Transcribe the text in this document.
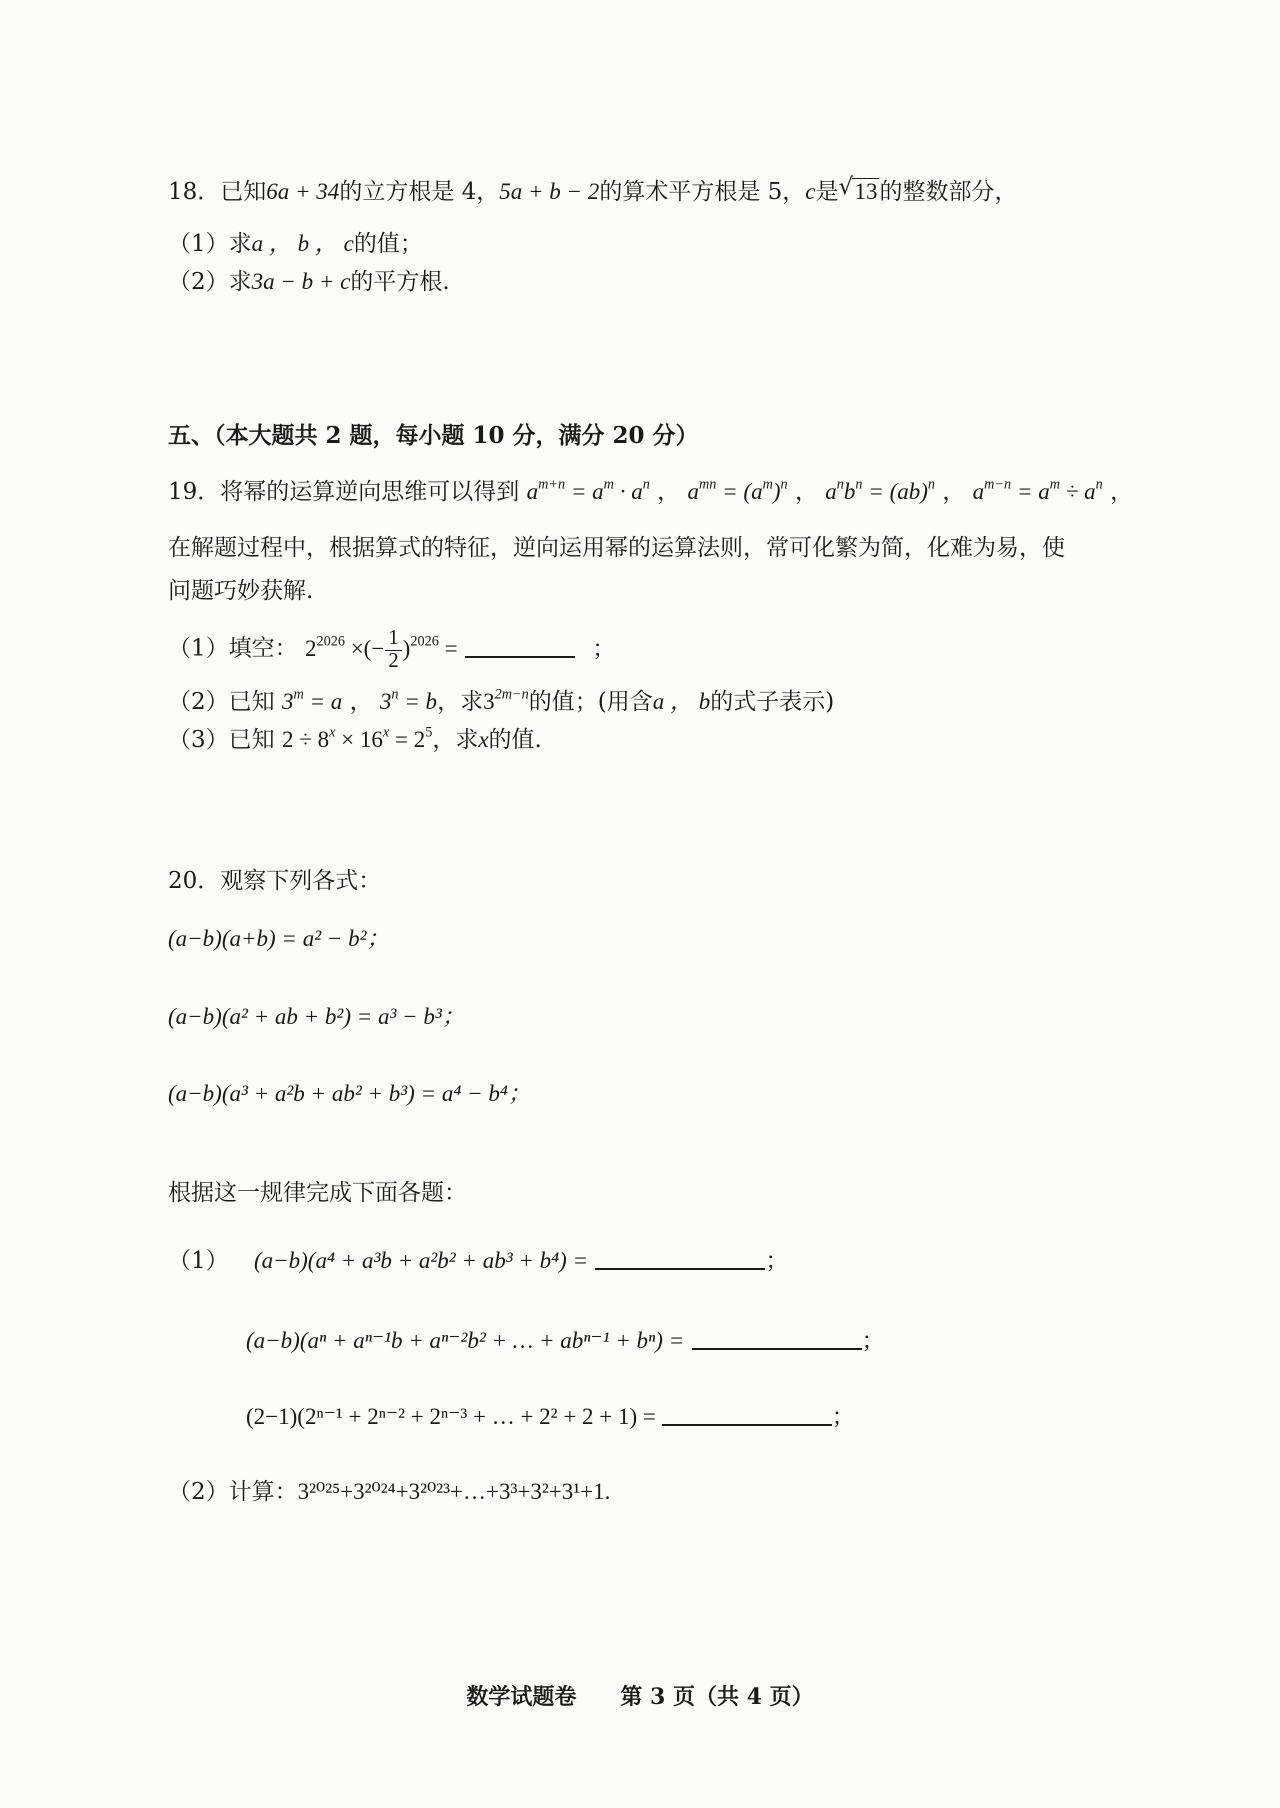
18．已知6a + 34的立方根是 4，5a + b − 2的算术平方根是 5，c是 √ 13的整数部分，
（1）求a ， b ， c的值；
（2）求3a − b + c的平方根.
五、（本大题共 2 题，每小题 10 分，满分 20 分）
19．将幂的运算逆向思维可以得到 $a^{m+n} = a^m \cdot a^n$ ， $a^{mn} = (a^m)^n$ ， $a^nb^n = (ab)^n$ ， $a^{m-n} = a^m \div a^n$ ，
在解题过程中，根据算式的特征，逆向运用幂的运算法则，常可化繁为简，化难为易，使
问题巧妙获解.
（1）填空： $2^{2026}$ ×(− $\frac{1}{2} )^{2026}$ =	；
（2）已知 $3^m = a$ ， $3^n = b$，求$3^{2m-n}$的值；(用含a ， b的式子表示)
（3）已知 $2 \div 8^x \times 16^x = 2^5$，求x的值.
20．观察下列各式：
(a−b)(a+b) = a² − b²；
(a−b)(a² + ab + b²) = a³ − b³；
(a−b)(a³ + a²b + ab² + b³) = a⁴ − b⁴；
根据这一规律完成下面各题：
（1） (a−b)(a⁴ + a³b + a²b² + ab³ + b⁴) =	；
(a−b)(aⁿ + aⁿ⁻¹b + aⁿ⁻²b² + … + abⁿ⁻¹ + bⁿ) =	；
(2−1)(2ⁿ⁻¹ + 2ⁿ⁻² + 2ⁿ⁻³ + … + 2² + 2 + 1) =	；
（2）计算：3²⁰²⁵+3²⁰²⁴+3²⁰²³+…+3³+3²+3¹+1.
数学试题卷 第 3 页（共 4 页）
